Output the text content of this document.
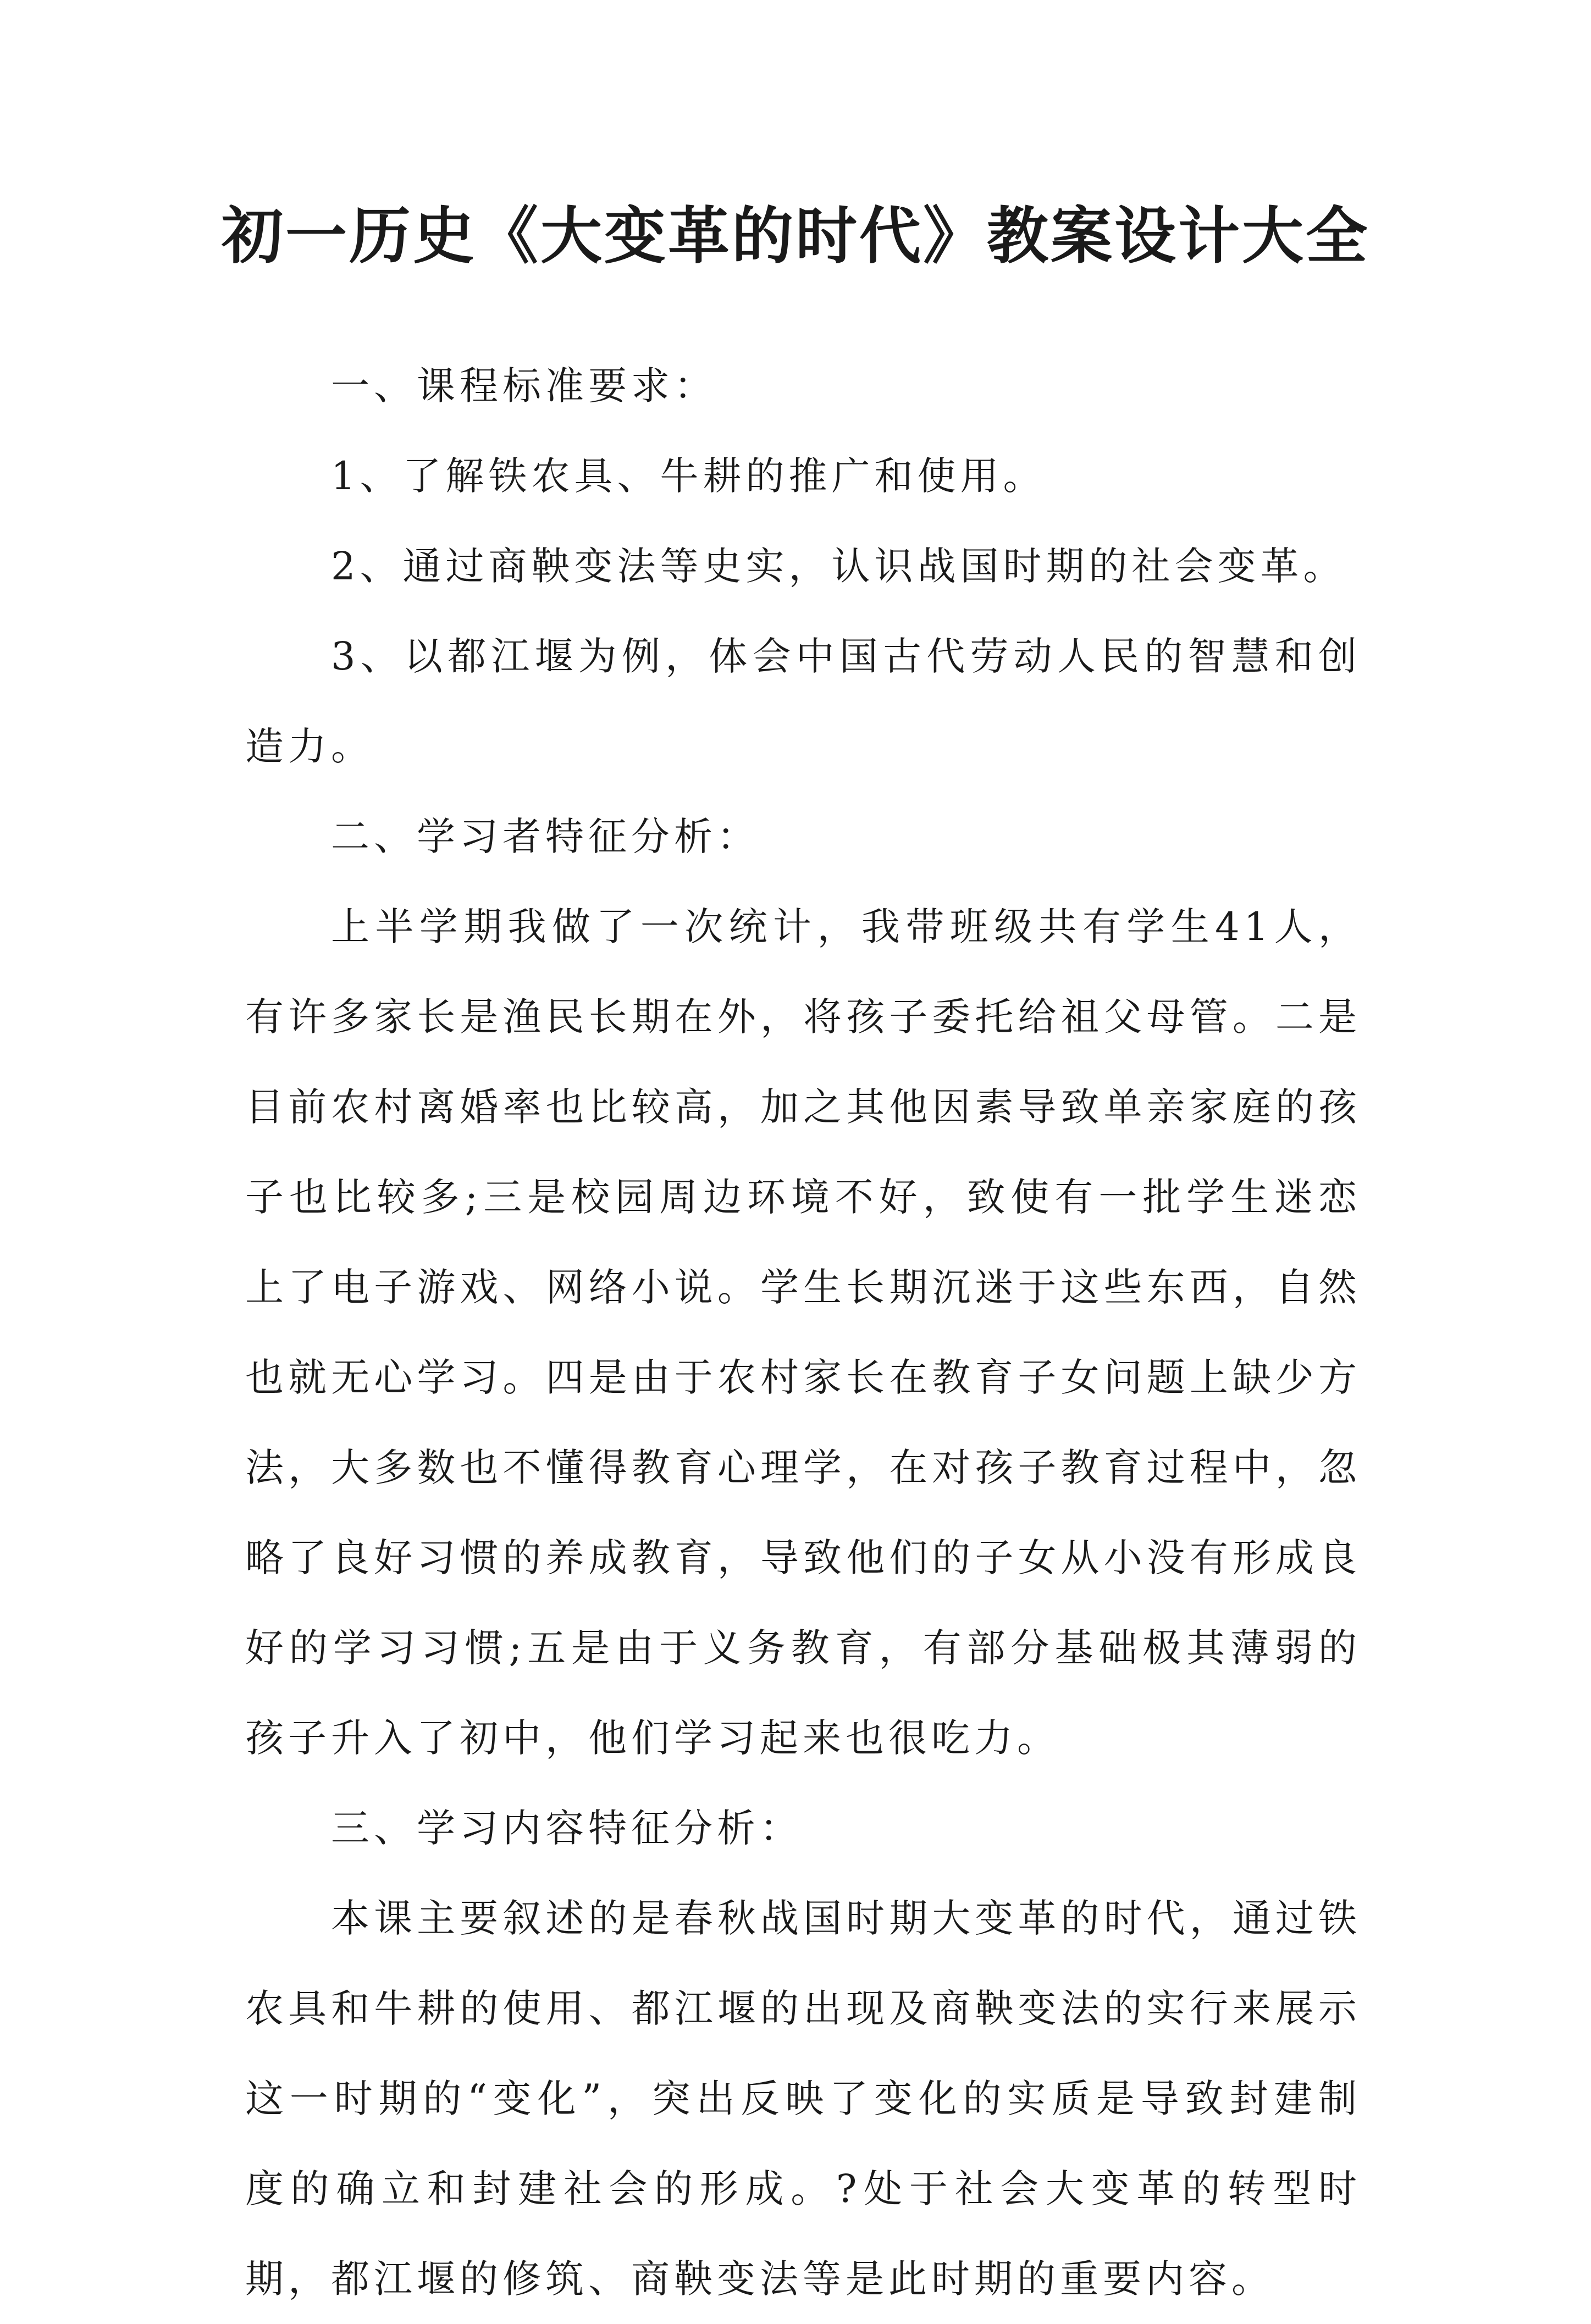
初一历史《大变革的时代》教案设计大全

一、课程标准要求：

1、了解铁农具、牛耕的推广和使用。

2、通过商鞅变法等史实，认识战国时期的社会变革。

3、以都江堰为例，体会中国古代劳动人民的智慧和创造力。

二、学习者特征分析：

上半学期我做了一次统计，我带班级共有学生41人，有许多家长是渔民长期在外，将孩子委托给祖父母管。二是目前农村离婚率也比较高，加之其他因素导致单亲家庭的孩子也比较多;三是校园周边环境不好，致使有一批学生迷恋上了电子游戏、网络小说。学生长期沉迷于这些东西，自然也就无心学习。四是由于农村家长在教育子女问题上缺少方法，大多数也不懂得教育心理学，在对孩子教育过程中，忽略了良好习惯的养成教育，导致他们的子女从小没有形成良好的学习习惯;五是由于义务教育，有部分基础极其薄弱的孩子升入了初中，他们学习起来也很吃力。

三、学习内容特征分析：

本课主要叙述的是春秋战国时期大变革的时代，通过铁农具和牛耕的使用、都江堰的出现及商鞅变法的实行来展示这一时期的“变化”，突出反映了变化的实质是导致封建制度的确立和封建社会的形成。?处于社会大变革的转型时期，都江堰的修筑、商鞅变法等是此时期的重要内容。
